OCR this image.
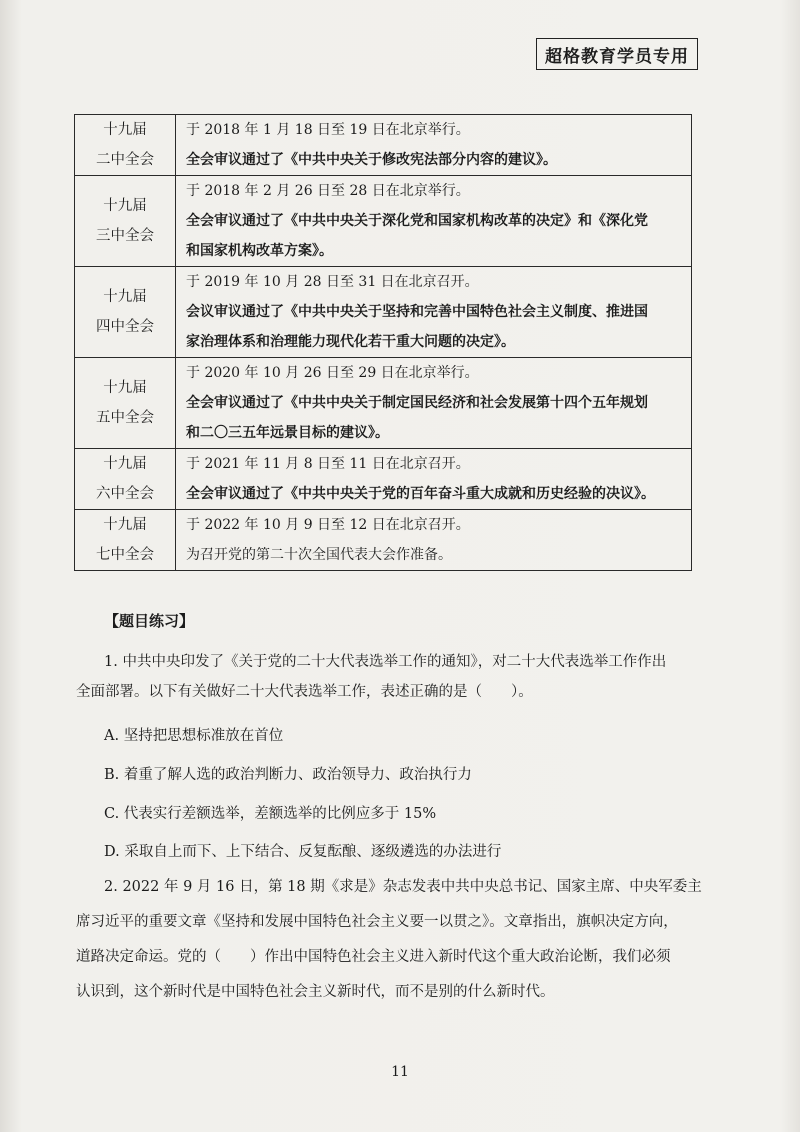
超格教育学员专用
十九届
二中全会	于 2018 年 1 月 18 日至 19 日在北京举行。
全会审议通过了《中共中央关于修改宪法部分内容的建议》。

十九届
三中全会	于 2018 年 2 月 26 日至 28 日在北京举行。
全会审议通过了《中共中央关于深化党和国家机构改革的决定》和《深化党
和国家机构改革方案》。

十九届
四中全会	于 2019 年 10 月 28 日至 31 日在北京召开。
会议审议通过了《中共中央关于坚持和完善中国特色社会主义制度、推进国
家治理体系和治理能力现代化若干重大问题的决定》。

十九届
五中全会	于 2020 年 10 月 26 日至 29 日在北京举行。
全会审议通过了《中共中央关于制定国民经济和社会发展第十四个五年规划
和二〇三五年远景目标的建议》。

十九届
六中全会	于 2021 年 11 月 8 日至 11 日在北京召开。
全会审议通过了《中共中央关于党的百年奋斗重大成就和历史经验的决议》。

十九届
七中全会	于 2022 年 10 月 9 日至 12 日在北京召开。
为召开党的第二十次全国代表大会作准备。
【题目练习】
1. 中共中央印发了《关于党的二十大代表选举工作的通知》，对二十大代表选举工作作出
全面部署。以下有关做好二十大代表选举工作，表述正确的是（　　）。
A. 坚持把思想标准放在首位
B. 着重了解人选的政治判断力、政治领导力、政治执行力
C. 代表实行差额选举，差额选举的比例应多于 15%
D. 采取自上而下、上下结合、反复酝酿、逐级遴选的办法进行
2. 2022 年 9 月 16 日，第 18 期《求是》杂志发表中共中央总书记、国家主席、中央军委主
席习近平的重要文章《坚持和发展中国特色社会主义要一以贯之》。文章指出，旗帜决定方向，
道路决定命运。党的（　　）作出中国特色社会主义进入新时代这个重大政治论断，我们必须
认识到，这个新时代是中国特色社会主义新时代，而不是别的什么新时代。
11
